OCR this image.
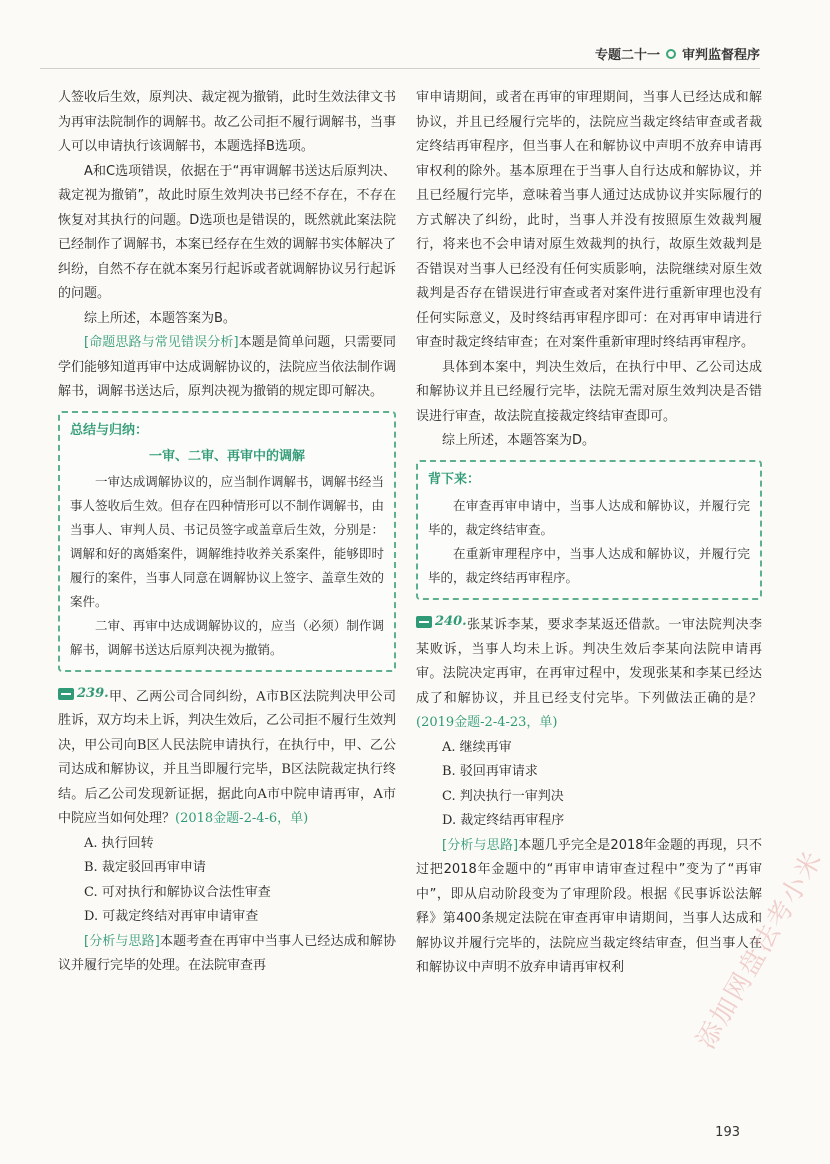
专题二十一 审判监督程序

人签收后生效，原判决、裁定视为撤销，此时生效法律文书为再审法院制作的调解书。故乙公司拒不履行调解书，当事人可以申请执行该调解书，本题选择B选项。

A和C选项错误，依据在于“再审调解书送达后原判决、裁定视为撤销”，故此时原生效判决书已经不存在，不存在恢复对其执行的问题。D选项也是错误的，既然就此案法院已经制作了调解书，本案已经存在生效的调解书实体解决了纠纷，自然不存在就本案另行起诉或者就调解协议另行起诉的问题。

综上所述，本题答案为B。

[命题思路与常见错误分析]本题是简单问题，只需要同学们能够知道再审中达成调解协议的，法院应当依法制作调解书，调解书送达后，原判决视为撤销的规定即可解决。

总结与归纳：
一审、二审、再审中的调解

一审达成调解协议的，应当制作调解书，调解书经当事人签收后生效。但存在四种情形可以不制作调解书，由当事人、审判人员、书记员签字或盖章后生效，分别是：调解和好的离婚案件，调解维持收养关系案件，能够即时履行的案件，当事人同意在调解协议上签字、盖章生效的案件。

二审、再审中达成调解协议的，应当（必须）制作调解书，调解书送达后原判决视为撤销。

239. 甲、乙两公司合同纠纷，A市B区法院判决甲公司胜诉，双方均未上诉，判决生效后，乙公司拒不履行生效判决，甲公司向B区人民法院申请执行，在执行中，甲、乙公司达成和解协议，并且当即履行完毕，B区法院裁定执行终结。后乙公司发现新证据，据此向A市中院申请再审，A市中院应当如何处理？(2018金题-2-4-6，单)

A. 执行回转

B. 裁定驳回再审申请

C. 可对执行和解协议合法性审查

D. 可裁定终结对再审申请审查

[分析与思路]本题考查在再审中当事人已经达成和解协议并履行完毕的处理。在法院审查再

审申请期间，或者在再审的审理期间，当事人已经达成和解协议，并且已经履行完毕的，法院应当裁定终结审查或者裁定终结再审程序，但当事人在和解协议中声明不放弃申请再审权利的除外。基本原理在于当事人自行达成和解协议，并且已经履行完毕，意味着当事人通过达成协议并实际履行的方式解决了纠纷，此时，当事人并没有按照原生效裁判履行，将来也不会申请对原生效裁判的执行，故原生效裁判是否错误对当事人已经没有任何实质影响，法院继续对原生效裁判是否存在错误进行审查或者对案件进行重新审理也没有任何实际意义，及时终结再审程序即可：在对再审申请进行审查时裁定终结审查；在对案件重新审理时终结再审程序。

具体到本案中，判决生效后，在执行中甲、乙公司达成和解协议并且已经履行完毕，法院无需对原生效判决是否错误进行审查，故法院直接裁定终结审查即可。

综上所述，本题答案为D。

背下来：

在审查再审申请中，当事人达成和解协议，并履行完毕的，裁定终结审查。

在重新审理程序中，当事人达成和解协议，并履行完毕的，裁定终结再审程序。

240. 张某诉李某，要求李某返还借款。一审法院判决李某败诉，当事人均未上诉。判决生效后李某向法院申请再审。法院决定再审，在再审过程中，发现张某和李某已经达成了和解协议，并且已经支付完毕。下列做法正确的是？(2019金题-2-4-23，单)

A. 继续再审

B. 驳回再审请求

C. 判决执行一审判决

D. 裁定终结再审程序

[分析与思路]本题几乎完全是2018年金题的再现，只不过把2018年金题中的“再审申请审查过程中”变为了“再审中”，即从启动阶段变为了审理阶段。根据《民事诉讼法解释》第400条规定法院在审查再审申请期间，当事人达成和解协议并履行完毕的，法院应当裁定终结审查，但当事人在和解协议中声明不放弃申请再审权利

193
添加网盘法考小米
